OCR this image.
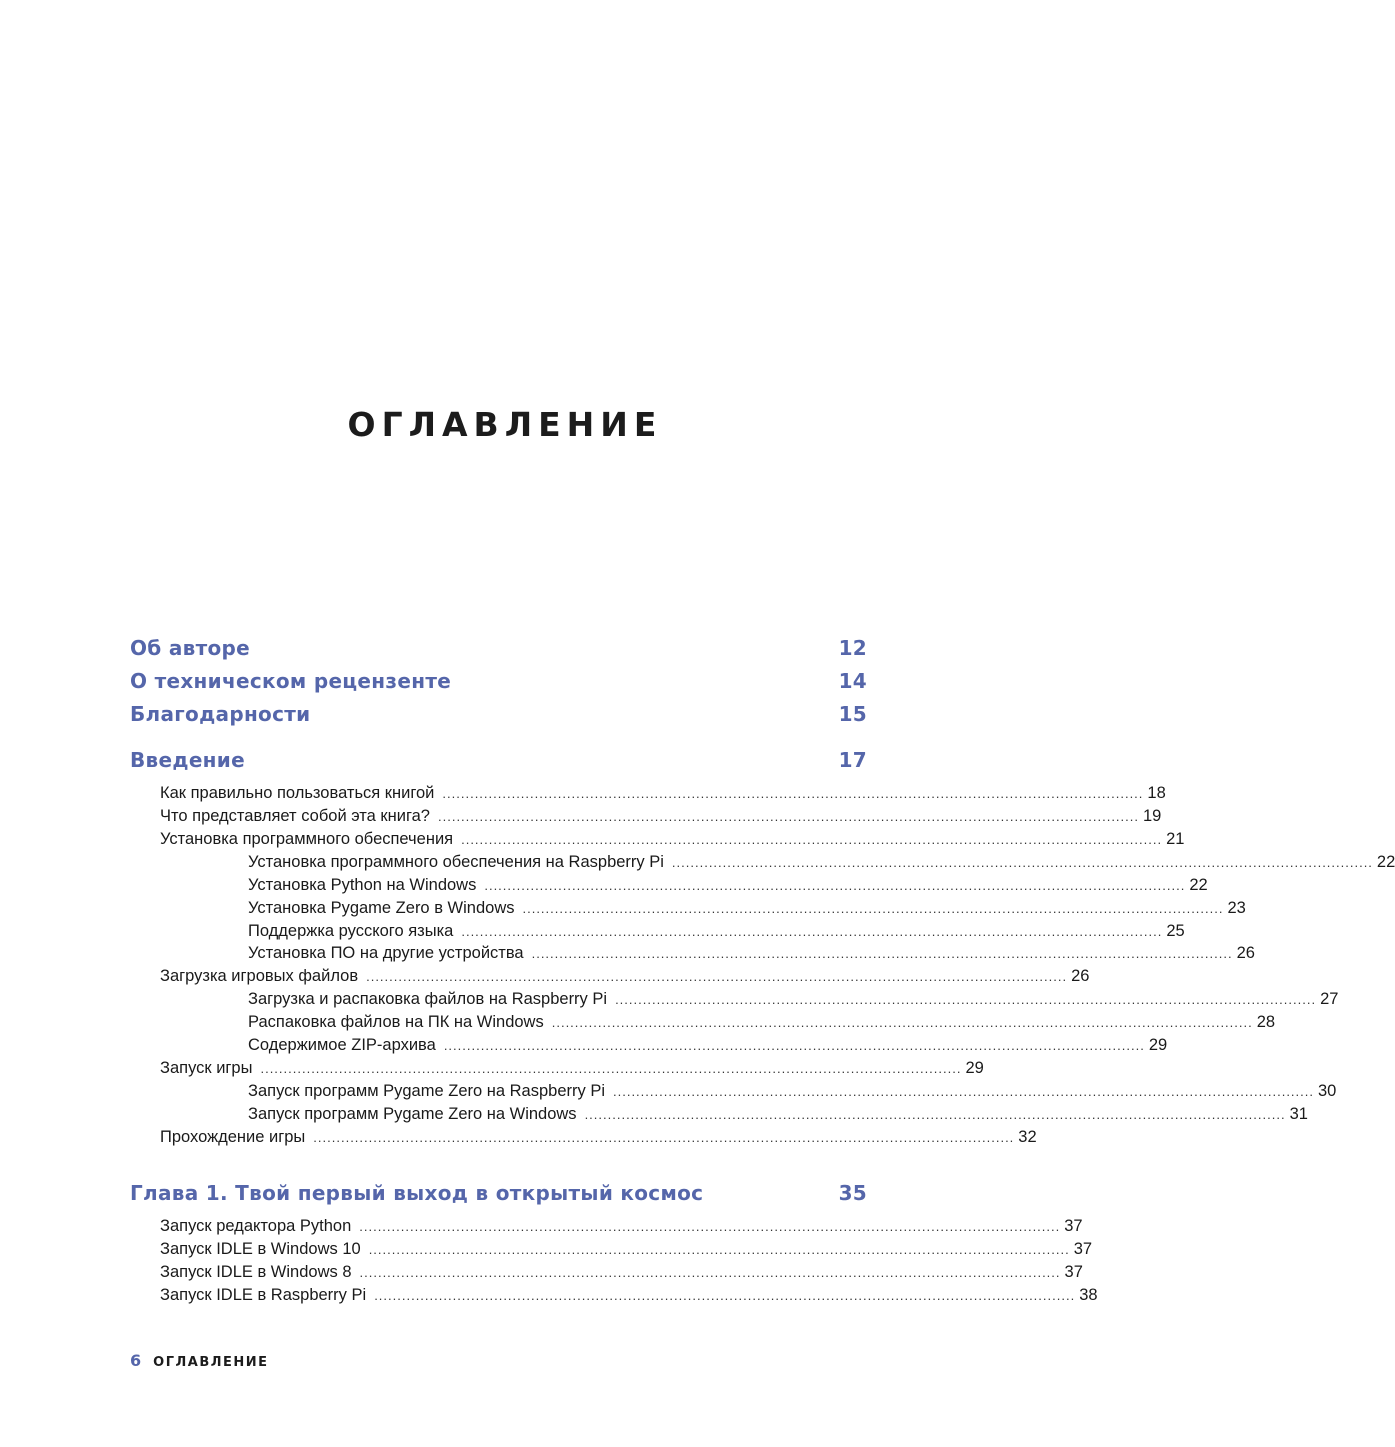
ОГЛАВЛЕНИЕ
Об авторе	12
О техническом рецензенте	14
Благодарности	15
Введение	17
Как правильно пользоваться книгой ........................................................................................................................................................ 18
Что представляет собой эта книга? ........................................................................................................................................................ 19
Установка программного обеспечения ........................................................................................................................................................ 21
Установка программного обеспечения на Raspberry Pi ........................................................................................................................................................ 22
Установка Python на Windows ........................................................................................................................................................ 22
Установка Pygame Zero в Windows ........................................................................................................................................................ 23
Поддержка русского языка ........................................................................................................................................................ 25
Установка ПО на другие устройства ........................................................................................................................................................ 26
Загрузка игровых файлов ........................................................................................................................................................ 26
Загрузка и распаковка файлов на Raspberry Pi ........................................................................................................................................................ 27
Распаковка файлов на ПК на Windows ........................................................................................................................................................ 28
Содержимое ZIP-архива ........................................................................................................................................................ 29
Запуск игры ........................................................................................................................................................ 29
Запуск программ Pygame Zero на Raspberry Pi ........................................................................................................................................................ 30
Запуск программ Pygame Zero на Windows ........................................................................................................................................................ 31
Прохождение игры ........................................................................................................................................................ 32
Глава 1. Твой первый выход в открытый космос	35
Запуск редактора Python ........................................................................................................................................................ 37
Запуск IDLE в Windows 10 ........................................................................................................................................................ 37
Запуск IDLE в Windows 8 ........................................................................................................................................................ 37
Запуск IDLE в Raspberry Pi ........................................................................................................................................................ 38
6 ОГЛАВЛЕНИЕ
